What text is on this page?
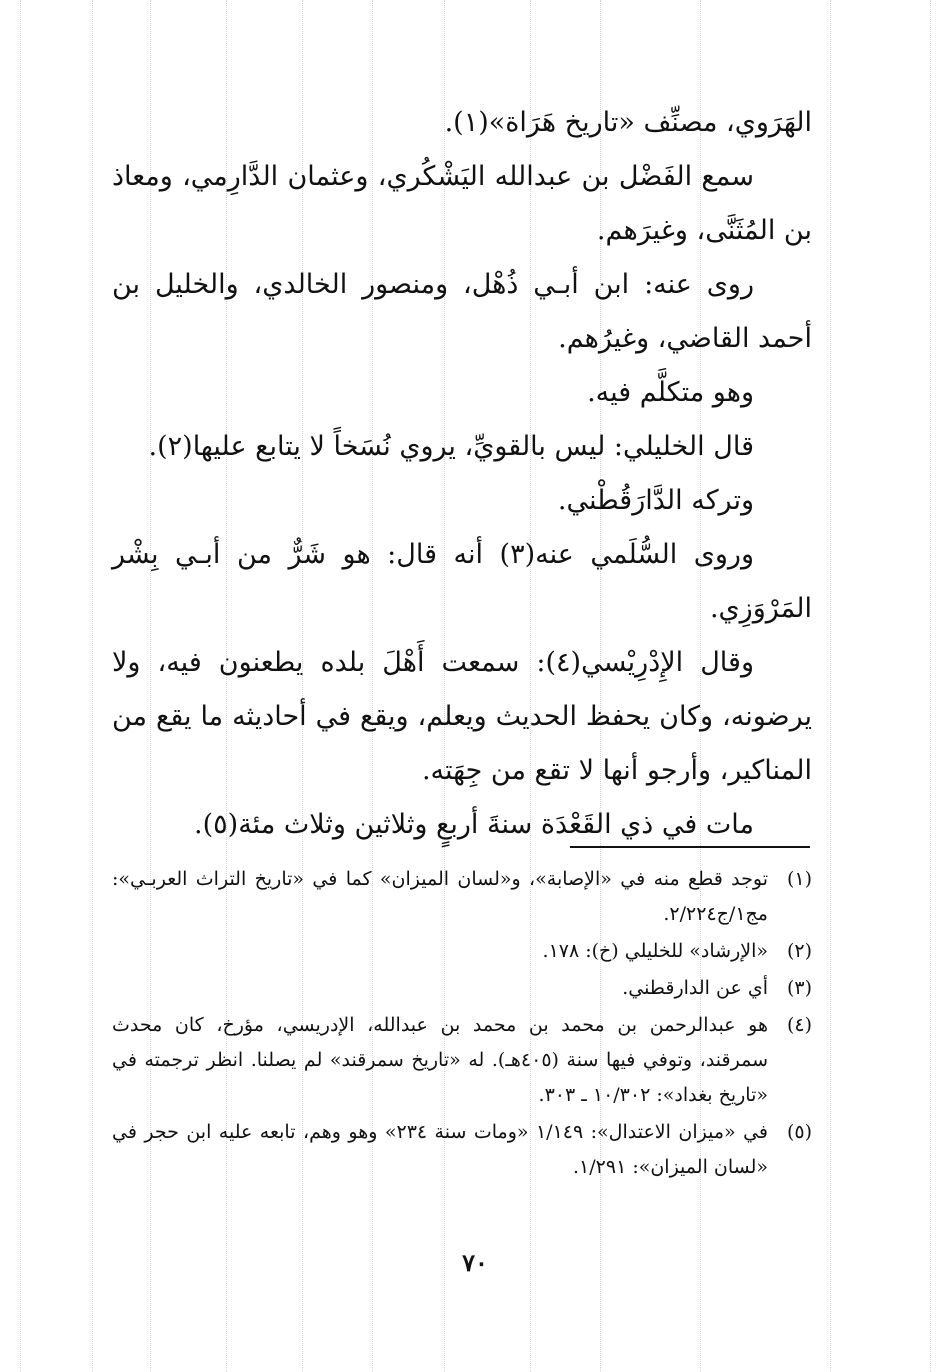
الهَرَوي، مصنِّف «تاريخ هَرَاة»(١).

سمع الفَضْل بن عبدالله اليَشْكُري، وعثمان الدَّارِمي، ومعاذ بن المُثَنَّى، وغيرَهم.

روى عنه: ابن أبـي ذُهْل، ومنصور الخالدي، والخليل بن أحمد القاضي، وغيرُهم.

وهو متكلَّم فيه.

قال الخليلي: ليس بالقويِّ، يروي نُسَخاً لا يتابع عليها(٢).

وتركه الدَّارَقُطْني.

وروى السُّلَمي عنه(٣) أنه قال: هو شَرٌّ من أبـي بِشْر المَرْوَزِي.

وقال الإِدْرِيْسي(٤): سمعت أَهْلَ بلده يطعنون فيه، ولا يرضونه، وكان يحفظ الحديث ويعلم، ويقع في أحاديثه ما يقع من المناكير، وأرجو أنها لا تقع من جِهَته.

مات في ذي القَعْدَة سنةَ أربعٍ وثلاثين وثلاث مئة(٥).

(١)
توجد قطع منه في «الإصابة»، و«لسان الميزان» كما في «تاريخ التراث العربـي»: مج١/ج٢/٢٢٤.
(٢)
«الإرشاد» للخليلي (خ): ١٧٨.
(٣)
أي عن الدارقطني.
(٤)
هو عبدالرحمن بن محمد بن محمد بن عبدالله، الإدريسي، مؤرخ، كان محدث سمرقند، وتوفي فيها سنة (٤٠٥هـ). له «تاريخ سمرقند» لم يصلنا. انظر ترجمته في «تاريخ بغداد»: ١٠/٣٠٢ ـ ٣٠٣.
(٥)
في «ميزان الاعتدال»: ١/١٤٩ «ومات سنة ٢٣٤» وهو وهم، تابعه عليه ابن حجر في «لسان الميزان»: ١/٢٩١.
٧٠
